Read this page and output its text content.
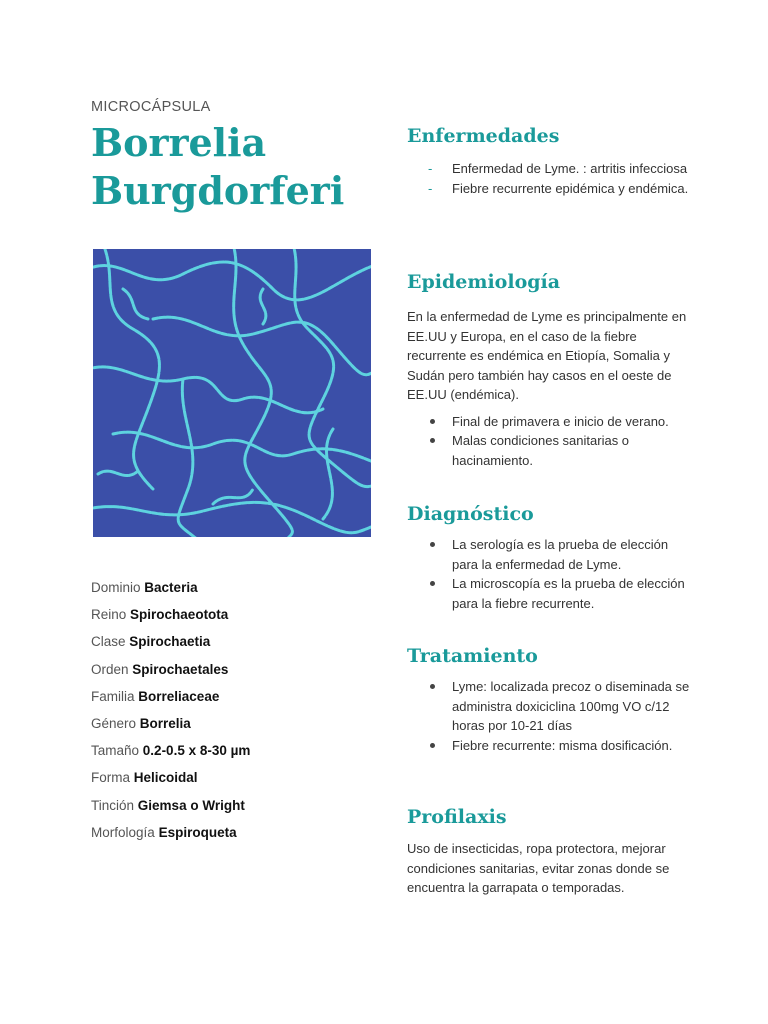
MICROCÁPSULA

Borrelia
Burgdorferi
Dominio Bacteria
Reino Spirochaeotota
Clase Spirochaetia
Orden Spirochaetales
Familia Borreliaceae
Género Borrelia
Tamaño 0.2-0.5 x 8-30 µm
Forma Helicoidal
Tinción Giemsa o Wright
Morfología Espiroqueta
Enfermedades
- Enfermedad de Lyme. : artritis infecciosa
- Fiebre recurrente epidémica y endémica.
Epidemiología

En la enfermedad de Lyme es principalmente en EE.UU y Europa, en el caso de la fiebre recurrente es endémica en Etiopía, Somalia y Sudán pero también hay casos en el oeste de EE.UU (endémica).

Final de primavera e inicio de verano.
Malas condiciones sanitarias o hacinamiento.
Diagnóstico
La serología es la prueba de elección para la enfermedad de Lyme.
La microscopía es la prueba de elección para la fiebre recurrente.
Tratamiento
Lyme: localizada precoz o diseminada se administra doxiciclina 100mg VO c/12 horas por 10-21 días
Fiebre recurrente: misma dosificación.
Profilaxis

Uso de insecticidas, ropa protectora, mejorar condiciones sanitarias, evitar zonas donde se encuentra la garrapata o temporadas.
